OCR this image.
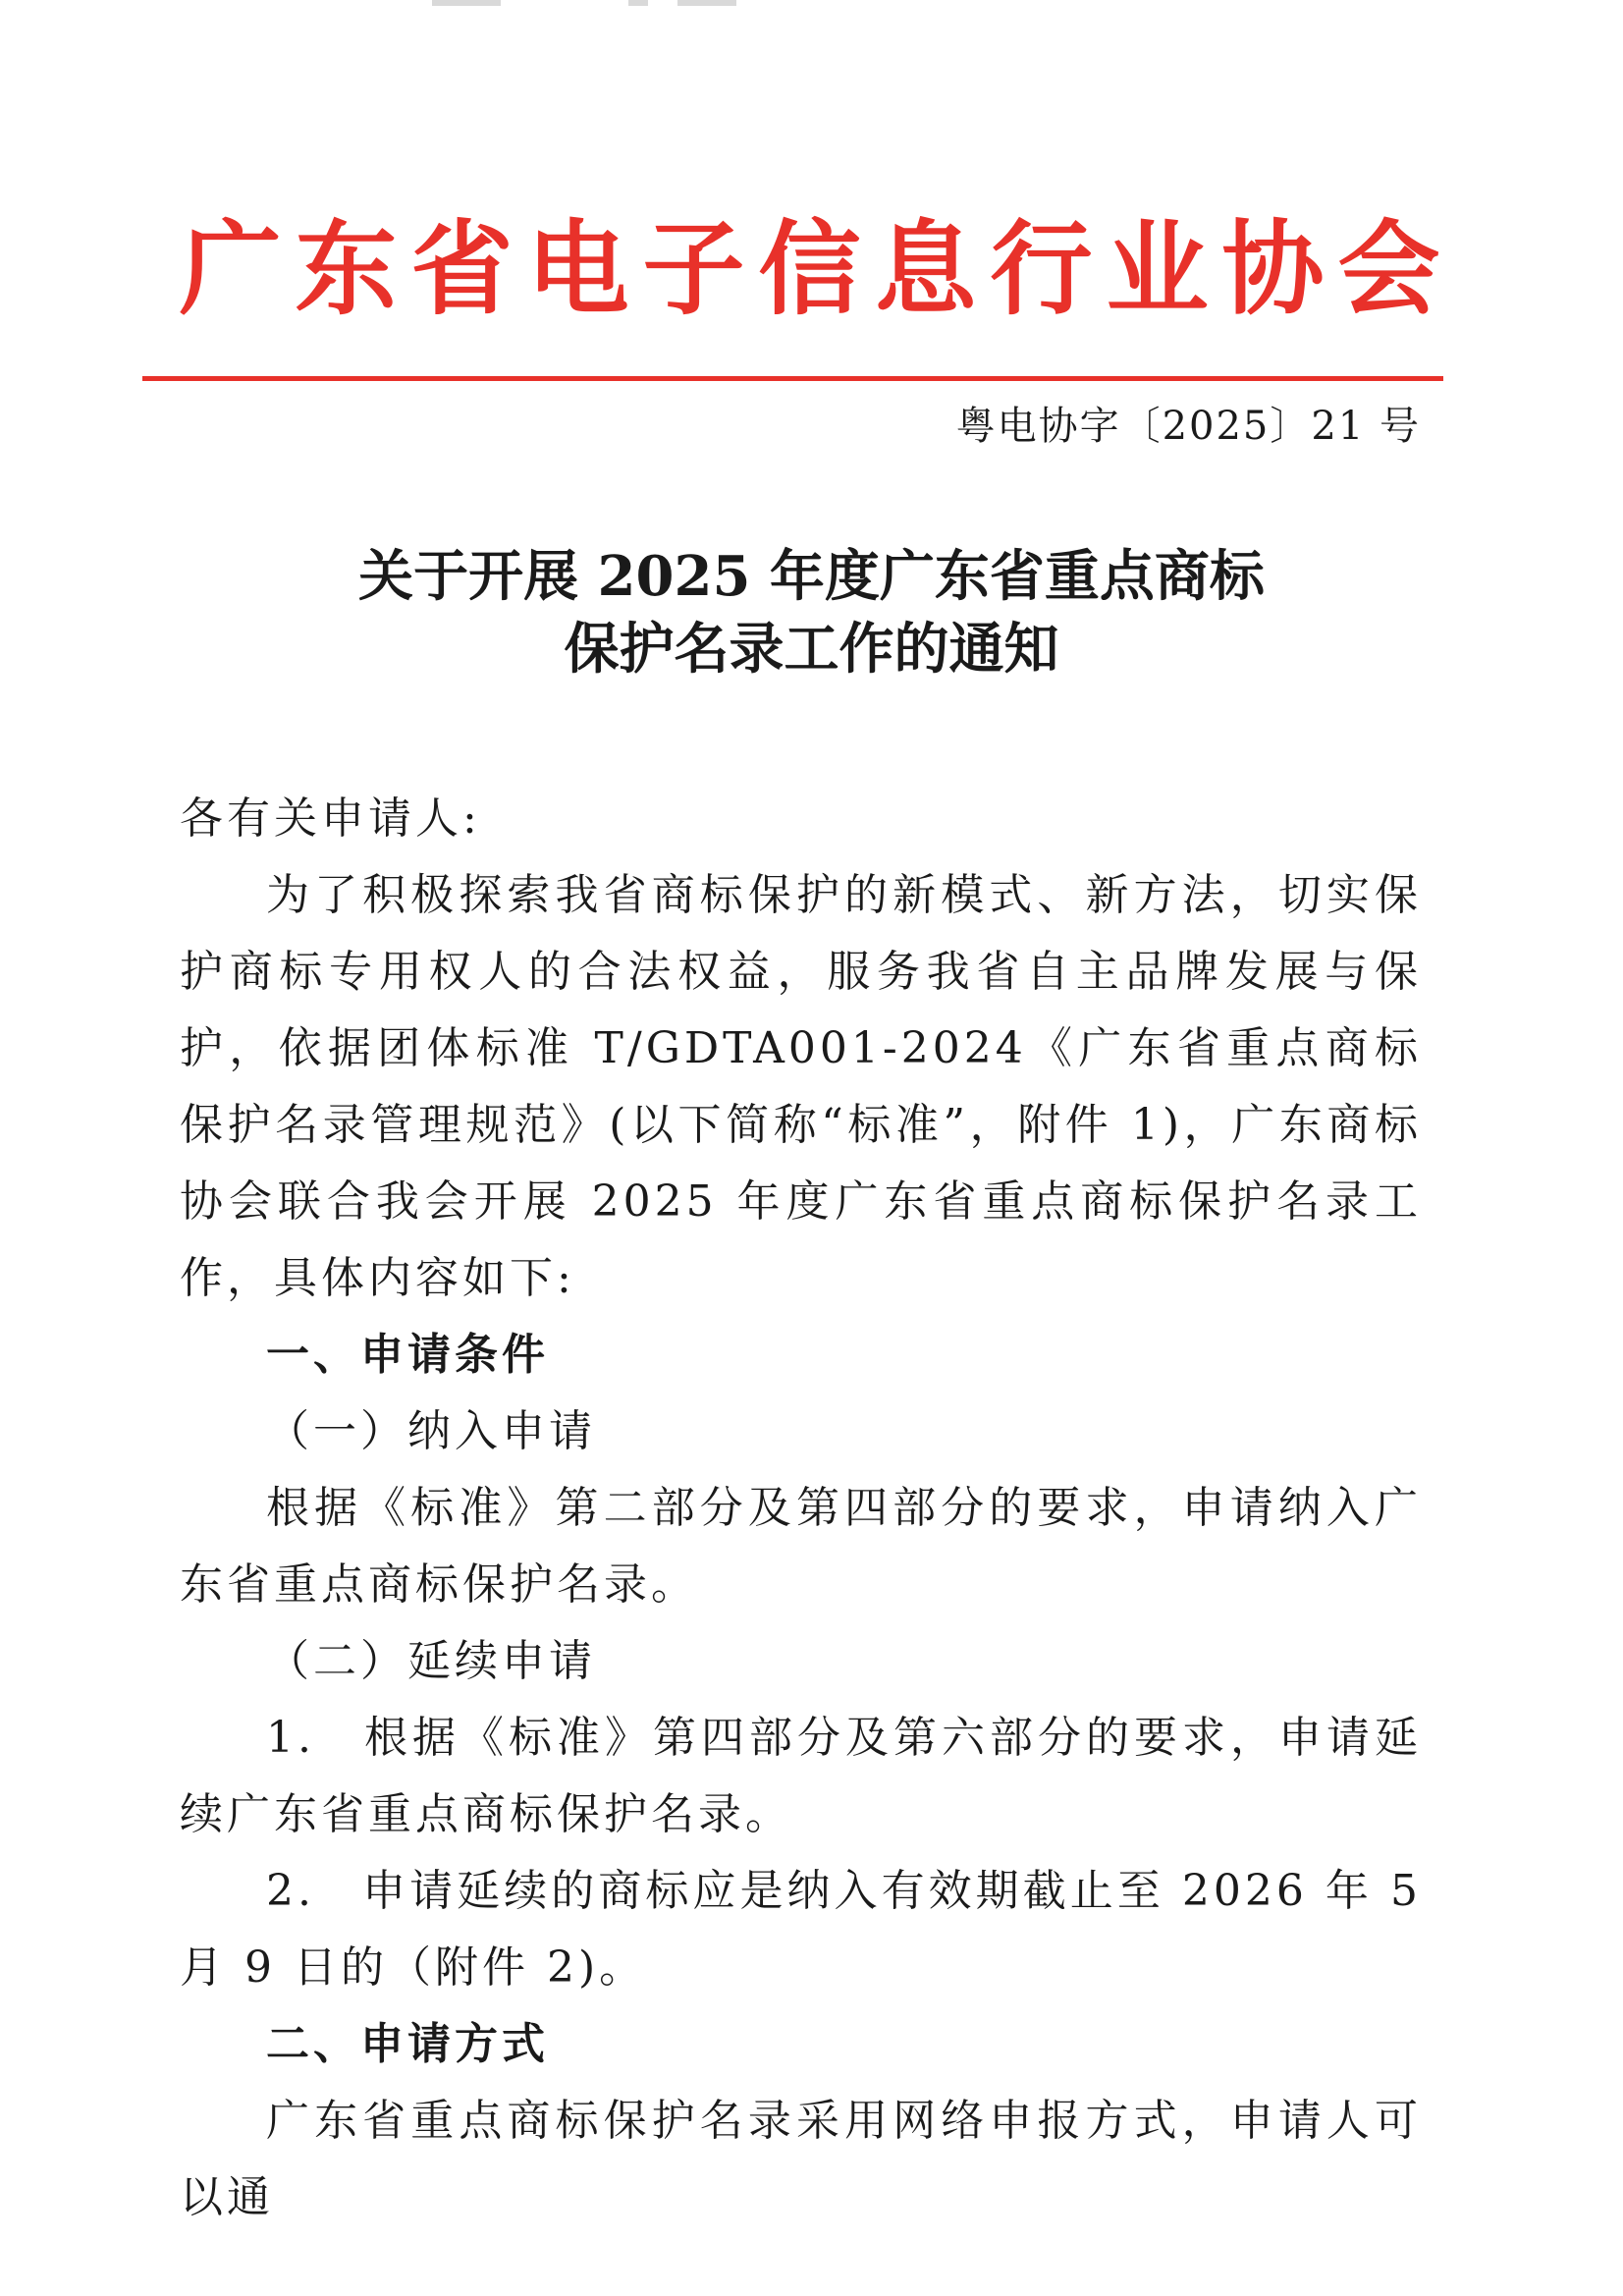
广东省电子信息行业协会
粤电协字〔2025〕21 号
关于开展 2025 年度广东省重点商标
保护名录工作的通知

各有关申请人:

为了积极探索我省商标保护的新模式、新方法，切实保护商标专用权人的合法权益，服务我省自主品牌发展与保护，依据团体标准 T/GDTA001-2024《广东省重点商标保护名录管理规范》(以下简称“标准”，附件 1)，广东商标协会联合我会开展 2025 年度广东省重点商标保护名录工作，具体内容如下:

一、申请条件

（一）纳入申请

根据《标准》第二部分及第四部分的要求，申请纳入广东省重点商标保护名录。

（二）延续申请

1.　根据《标准》第四部分及第六部分的要求，申请延续广东省重点商标保护名录。

2.　申请延续的商标应是纳入有效期截止至 2026 年 5 月 9 日的（附件 2)。

二、申请方式

广东省重点商标保护名录采用网络申报方式，申请人可以通
